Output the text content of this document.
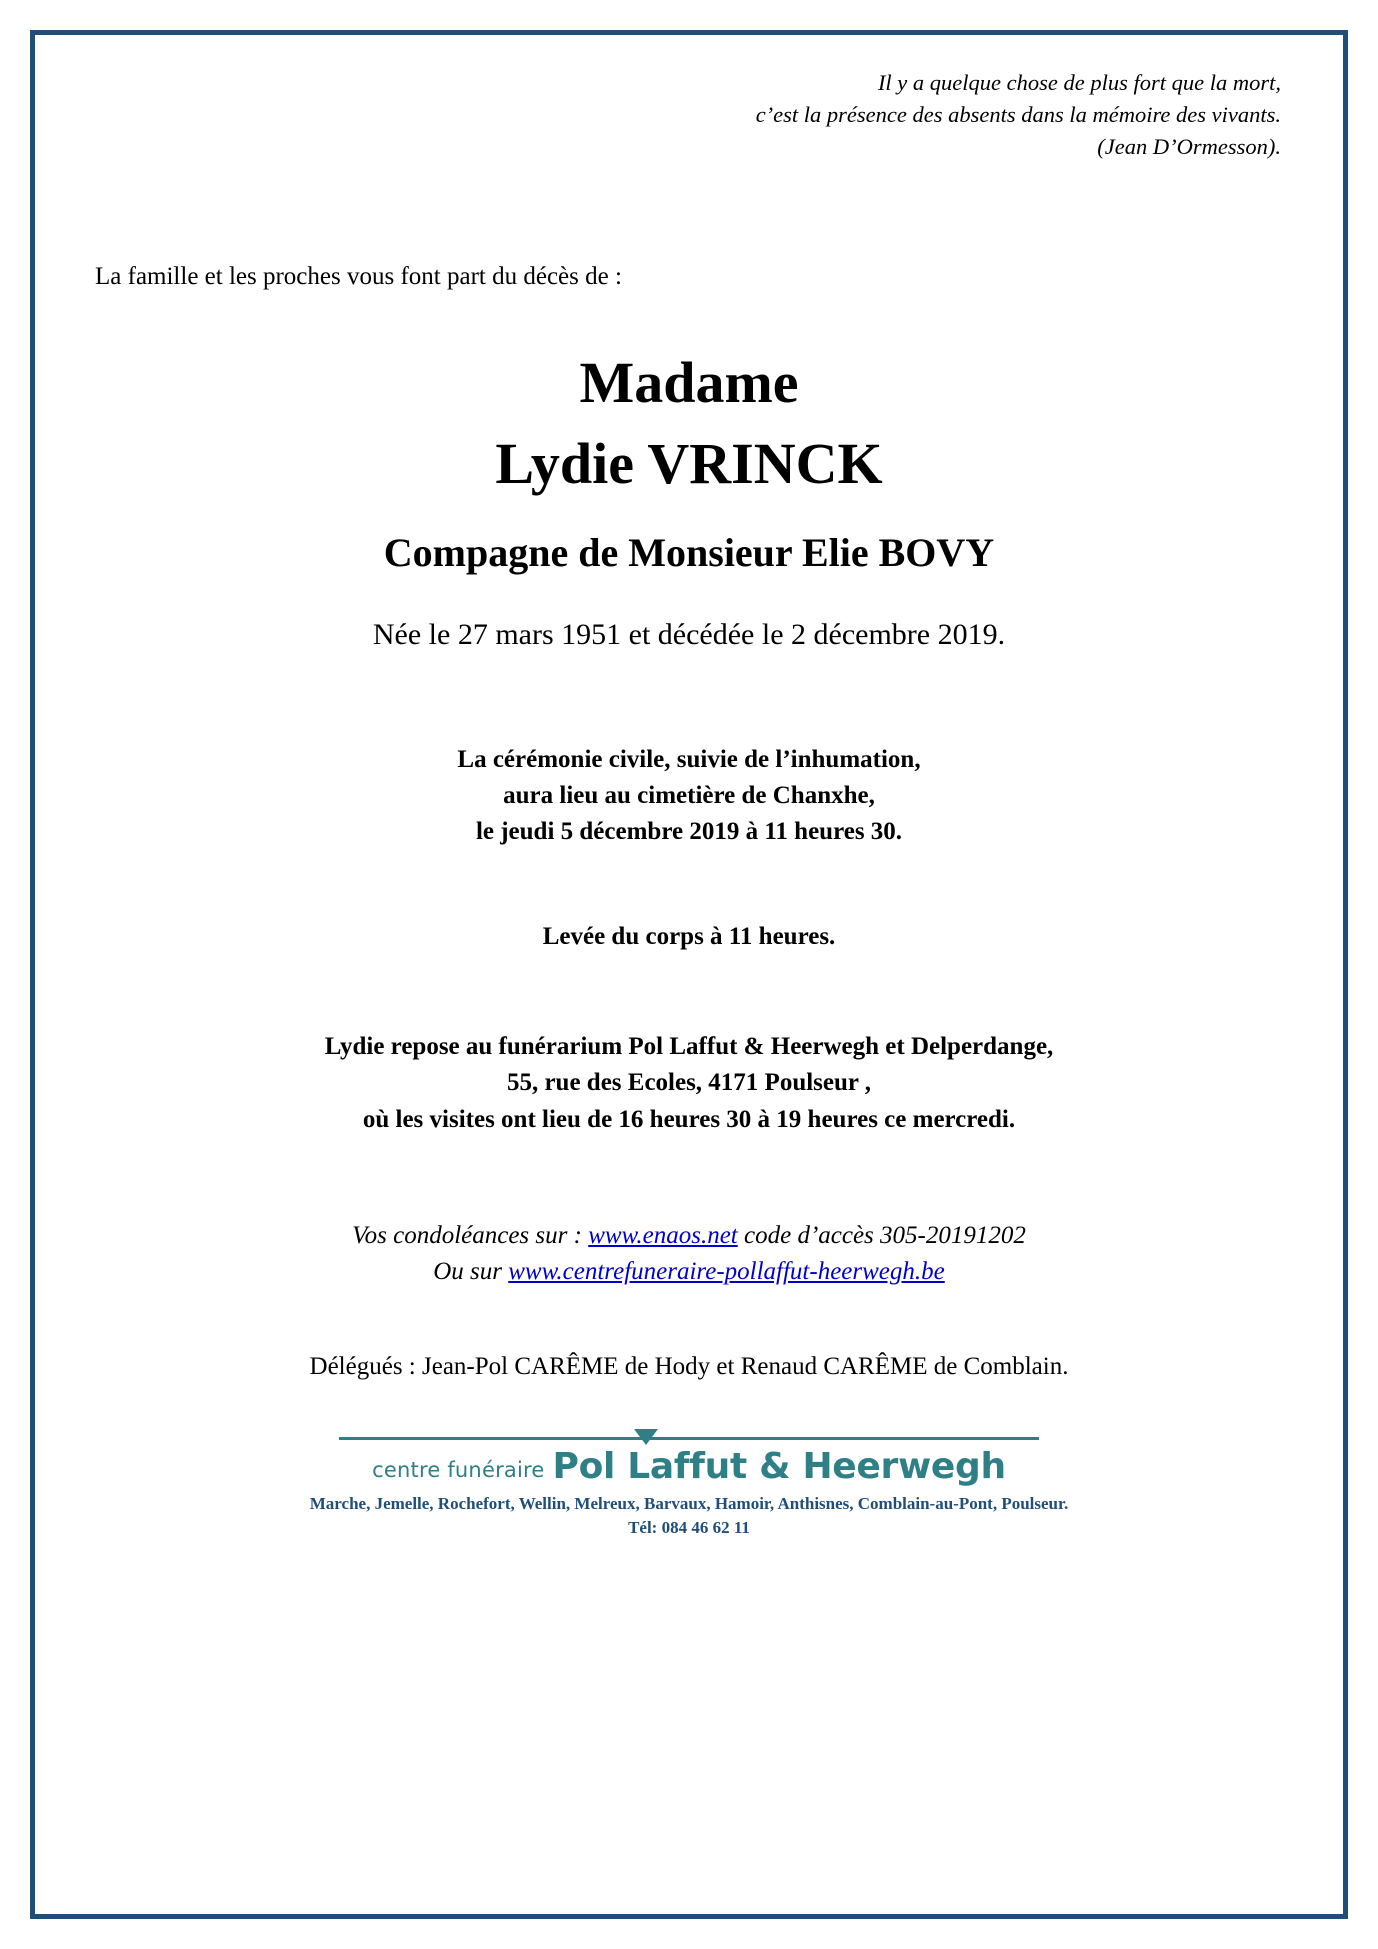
Il y a quelque chose de plus fort que la mort,
c’est la présence des absents dans la mémoire des vivants.
(Jean D’Ormesson).
La famille et les proches vous font part du décès de :
Madame
Lydie VRINCK
Compagne de Monsieur Elie BOVY
Née le 27 mars 1951 et décédée le 2 décembre 2019.
La cérémonie civile, suivie de l’inhumation,
aura lieu au cimetière de Chanxhe,
le jeudi 5 décembre 2019 à 11 heures 30.
Levée du corps à 11 heures.
Lydie repose au funérarium Pol Laffut & Heerwegh et Delperdange,
55, rue des Ecoles, 4171 Poulseur ,
où les visites ont lieu de 16 heures 30 à 19 heures ce mercredi.
Vos condoléances sur : www.enaos.net code d’accès 305-20191202
Ou sur www.centrefuneraire-pollaffut-heerwegh.be
Délégués : Jean-Pol CARÊME de Hody et Renaud CARÊME de Comblain.
centre funéraire Pol Laffut & Heerwegh
Marche, Jemelle, Rochefort, Wellin, Melreux, Barvaux, Hamoir, Anthisnes, Comblain-au-Pont, Poulseur.
Tél: 084 46 62 11
